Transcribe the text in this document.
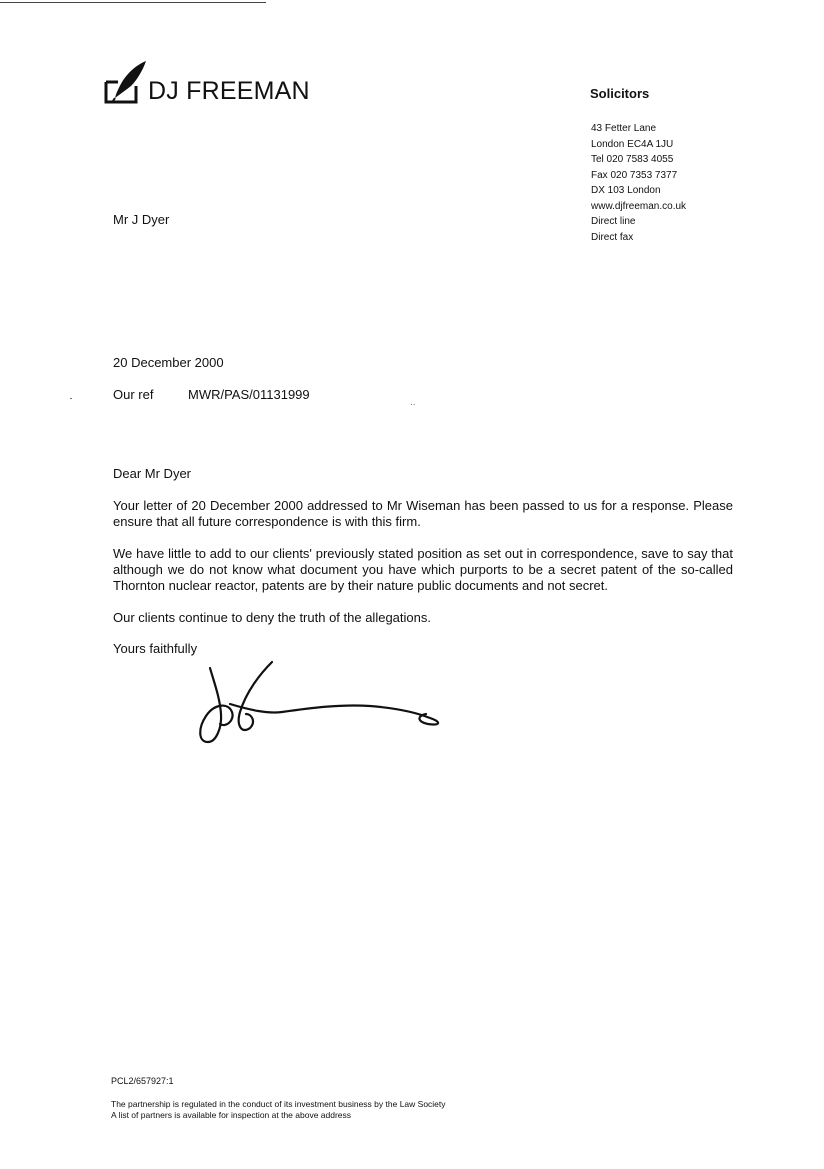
DJ FREEMAN	Solicitors
43 Fetter Lane
London EC4A 1JU
Tel 020 7583 4055
Fax 020 7353 7377
DX 103 London
www.djfreeman.co.uk
Direct line
Direct fax
Mr J Dyer
20 December 2000
Our ref	MWR/PAS/01131999
..
Dear Mr Dyer

Your letter of 20 December 2000 addressed to Mr Wiseman has been passed to us for a response. Please ensure that all future correspondence is with this firm.

We have little to add to our clients' previously stated position as set out in correspondence, save to say that although we do not know what document you have which purports to be a secret patent of the so-called Thornton nuclear reactor, patents are by their nature public documents and not secret.

Our clients continue to deny the truth of the allegations.

Yours faithfully
PCL2/657927:1
The partnership is regulated in the conduct of its investment business by the Law Society
A list of partners is available for inspection at the above address
